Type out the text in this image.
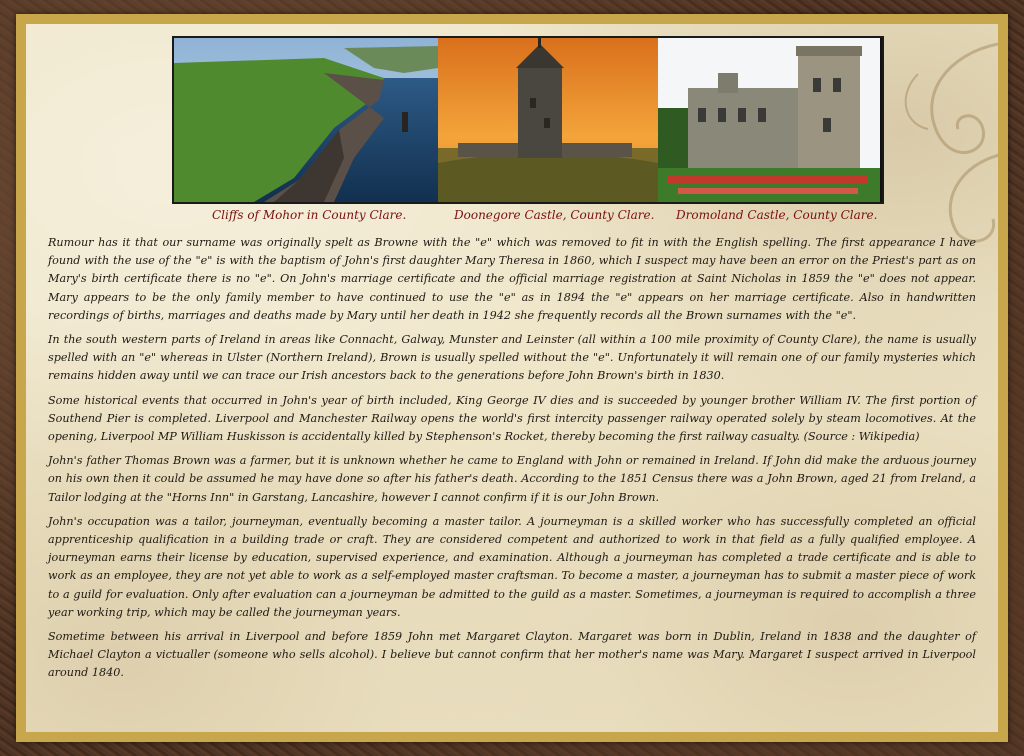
Cliffs of Mohor in County Clare.	Doonegore Castle, County Clare. Dromoland Castle, County Clare.

Rumour has it that our surname was originally spelt as Browne with the "e" which was removed to fit in with the English spelling. The first appearance I have found with the use of the "e" is with the baptism of John's first daughter Mary Theresa in 1860, which I suspect may have been an error on the Priest's part as on Mary's birth certificate there is no "e". On John's marriage certificate and the official marriage registration at Saint Nicholas in 1859 the "e" does not appear. Mary appears to be the only family member to have continued to use the "e" as in 1894 the "e" appears on her marriage certificate. Also in handwritten recordings of births, marriages and deaths made by Mary until her death in 1942 she frequently records all the Brown surnames with the "e".

In the south western parts of Ireland in areas like Connacht, Galway, Munster and Leinster (all within a 100 mile proximity of County Clare), the name is usually spelled with an "e" whereas in Ulster (Northern Ireland), Brown is usually spelled without the "e". Unfortunately it will remain one of our family mysteries which remains hidden away until we can trace our Irish ancestors back to the generations before John Brown's birth in 1830.

Some historical events that occurred in John's year of birth included, King George IV dies and is succeeded by younger brother William IV. The first portion of Southend Pier is completed. Liverpool and Manchester Railway opens the world's first intercity passenger railway operated solely by steam locomotives. At the opening, Liverpool MP William Huskisson is accidentally killed by Stephenson's Rocket, thereby becoming the first railway casualty. (Source : Wikipedia)

John's father Thomas Brown was a farmer, but it is unknown whether he came to England with John or remained in Ireland. If John did make the arduous journey on his own then it could be assumed he may have done so after his father's death. According to the 1851 Census there was a John Brown, aged 21 from Ireland, a Tailor lodging at the "Horns Inn" in Garstang, Lancashire, however I cannot confirm if it is our John Brown.

John's occupation was a tailor, journeyman, eventually becoming a master tailor. A journeyman is a skilled worker who has successfully completed an official apprenticeship qualification in a building trade or craft. They are considered competent and authorized to work in that field as a fully qualified employee. A journeyman earns their license by education, supervised experience, and examination. Although a journeyman has completed a trade certificate and is able to work as an employee, they are not yet able to work as a self-employed master craftsman. To become a master, a journeyman has to submit a master piece of work to a guild for evaluation. Only after evaluation can a journeyman be admitted to the guild as a master. Sometimes, a journeyman is required to accomplish a three year working trip, which may be called the journeyman years.

Sometime between his arrival in Liverpool and before 1859 John met Margaret Clayton. Margaret was born in Dublin, Ireland in 1838 and the daughter of Michael Clayton a victualler (someone who sells alcohol). I believe but cannot confirm that her mother's name was Mary. Margaret I suspect arrived in Liverpool around 1840.
